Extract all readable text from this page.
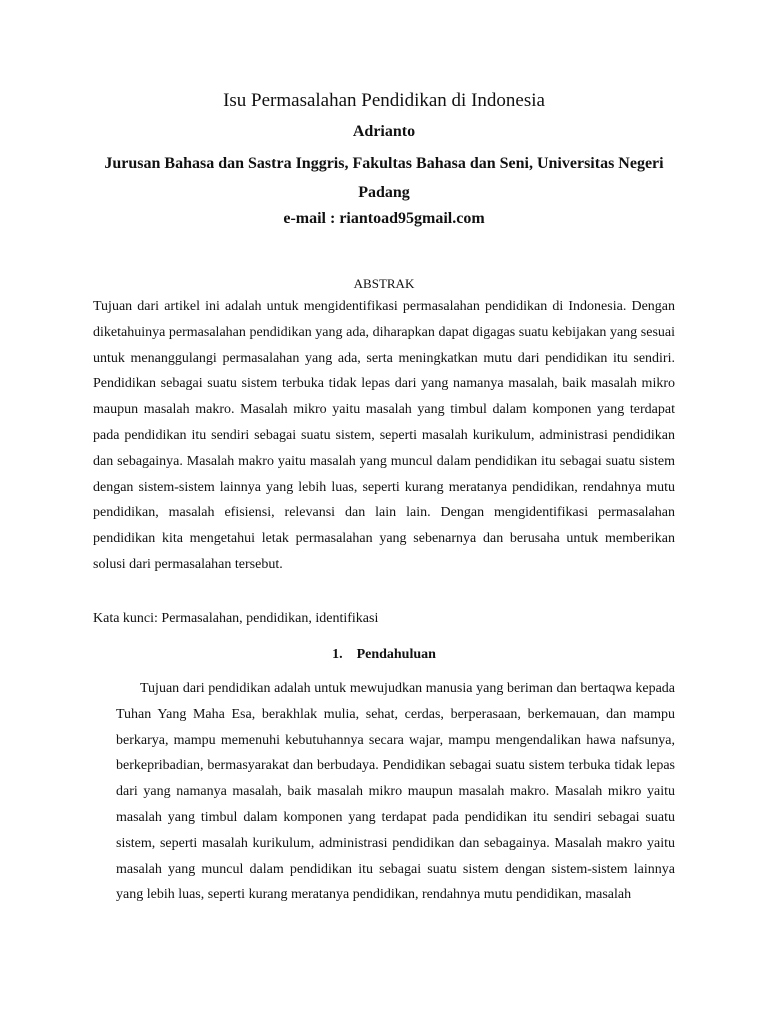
Isu Permasalahan Pendidikan di Indonesia
Adrianto
Jurusan Bahasa dan Sastra Inggris, Fakultas Bahasa dan Seni, Universitas Negeri Padang
e-mail : riantoad95gmail.com
ABSTRAK

Tujuan dari artikel ini adalah untuk mengidentifikasi permasalahan pendidikan di Indonesia. Dengan diketahuinya permasalahan pendidikan yang ada, diharapkan dapat digagas suatu kebijakan yang sesuai untuk menanggulangi permasalahan yang ada, serta meningkatkan mutu dari pendidikan itu sendiri. Pendidikan sebagai suatu sistem terbuka tidak lepas dari yang namanya masalah, baik masalah mikro maupun masalah makro. Masalah mikro yaitu masalah yang timbul dalam komponen yang terdapat pada pendidikan itu sendiri sebagai suatu sistem, seperti masalah kurikulum, administrasi pendidikan dan sebagainya. Masalah makro yaitu masalah yang muncul dalam pendidikan itu sebagai suatu sistem dengan sistem-sistem lainnya yang lebih luas, seperti kurang meratanya pendidikan, rendahnya mutu pendidikan, masalah efisiensi, relevansi dan lain lain. Dengan mengidentifikasi permasalahan pendidikan kita mengetahui letak permasalahan yang sebenarnya dan berusaha untuk memberikan solusi dari permasalahan tersebut.

Kata kunci: Permasalahan, pendidikan, identifikasi

1. Pendahuluan

Tujuan dari pendidikan adalah untuk mewujudkan manusia yang beriman dan bertaqwa kepada Tuhan Yang Maha Esa, berakhlak mulia, sehat, cerdas, berperasaan, berkemauan, dan mampu berkarya, mampu memenuhi kebutuhannya secara wajar, mampu mengendalikan hawa nafsunya, berkepribadian, bermasyarakat dan berbudaya. Pendidikan sebagai suatu sistem terbuka tidak lepas dari yang namanya masalah, baik masalah mikro maupun masalah makro. Masalah mikro yaitu masalah yang timbul dalam komponen yang terdapat pada pendidikan itu sendiri sebagai suatu sistem, seperti masalah kurikulum, administrasi pendidikan dan sebagainya. Masalah makro yaitu masalah yang muncul dalam pendidikan itu sebagai suatu sistem dengan sistem-sistem lainnya yang lebih luas, seperti kurang meratanya pendidikan, rendahnya mutu pendidikan, masalah
